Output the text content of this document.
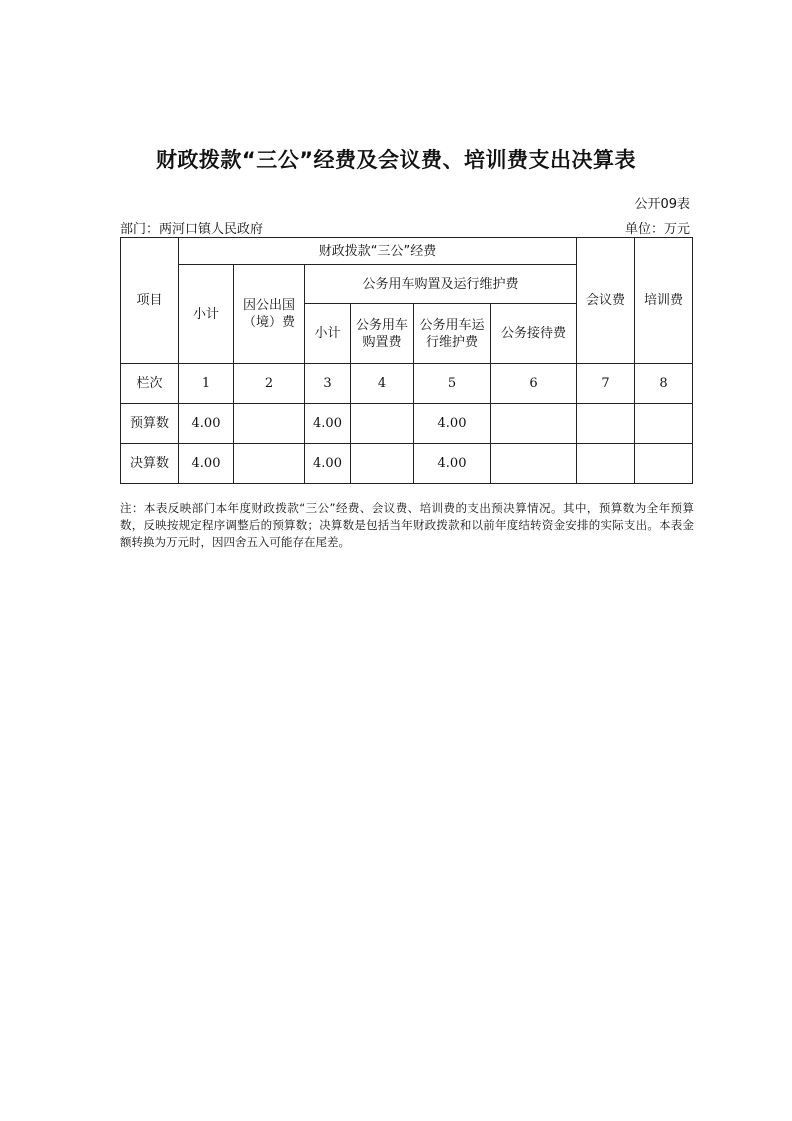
财政拨款“三公”经费及会议费、培训费支出决算表
公开09表
部门：两河口镇人民政府	单位：万元
项目	财政拨款“三公”经费						会议费	培训费
	小计	因公出国（境）费	公务用车购置及运行维护费					
			小计	公务用车购置费	公务用车运行维护费	公务接待费		
栏次	1	2	3	4	5	6	7	8
预算数	4.00		4.00		4.00			
决算数	4.00		4.00		4.00			
注：本表反映部门本年度财政拨款“三公”经费、会议费、培训费的支出预决算情况。其中，预算数为全年预算数，反映按规定程序调整后的预算数；决算数是包括当年财政拨款和以前年度结转资金安排的实际支出。本表金额转换为万元时，因四舍五入可能存在尾差。
